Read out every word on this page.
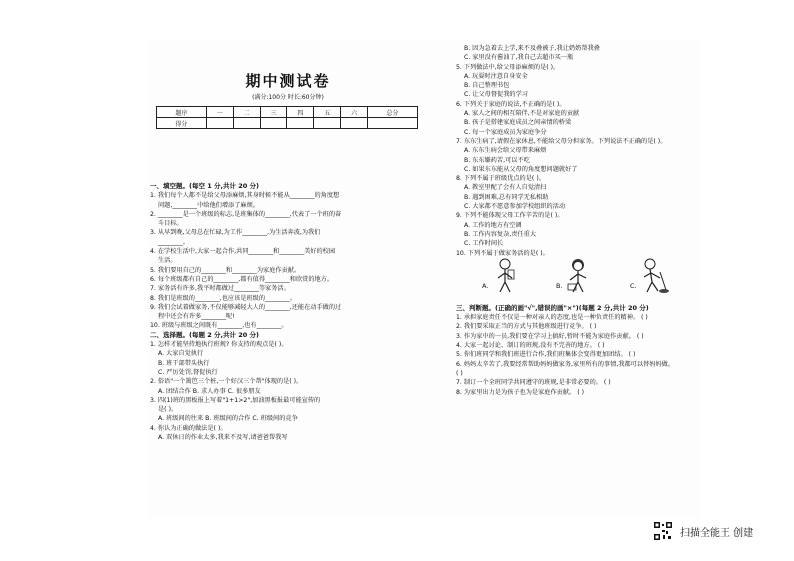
期中测试卷
(满分:100分 时长:60分钟)
题序	一	二	三	四	五	六	总分
得分							
一、填空题。(每空 1 分,共计 20 分)
1. 我们每个人都不是给父母添麻烦,其身时候不能从________的角度想
问题,________中给他们增添了麻烦。
2. ________是一个班级的标志,是班集体的________,代表了一个班的奋
斗目标。
3. 从早到晚,父母总在忙碌,为工作________,为生活奔波,为我们
________。
4. 在学校生活中,大家一起合作,共同________和________美好的校园
生活。
5. 我们要用自己的________和________为家庭作贡献。
6. 每个班级都有自己的________,都有值得________和欣赏的地方。
7. 家务活有许多,我平时都做过________等家务活。
8. 我们是班级的________,也应该是班级的________。
9. 我们会试着做家务,不仅能够减轻大人的________,还能在动手做的过
程中还会有许多________呢!
10. 班级与班级之间既有________,也有________。
二、选择题。(每题 2 分,共计 20 分)
1. 怎样才能坚持地执行班规? 你支持的观点是( )。
A. 大家自觉执行
B. 班干部带头执行
C. 严厉处罚,督促执行
2. 俗语"一个篱笆三个桩,一个好汉三个帮"体现的是( )。
A. 团结合作 B. 求人办事 C. 很多朋友
3. 四(1)班的黑板报上写着"1+1>2",加油黑板报最可能宣传的
是( )。
A. 班级间的往来 B. 班级间的合作 C. 班级间的竞争
4. 你认为正确的做法是( )。
A. 双休日的作业太多,我来不及写,请爸爸帮我写
B. 因为急着去上学,来不及叠被子,我让奶奶帮我叠
C. 家里没有酱油了,我自己去超市买一瓶
5. 下列做法中,给父母添麻烦的是( )。
A. 玩耍时注意自身安全
B. 自己整理书包
C. 让父母督促我的学习
6. 下列关于家庭的说法,不正确的是( )。
A. 家人之间的相互陪伴,不是对家庭的贡献
B. 孩子是搭建家庭成员之间亲情的桥梁
C. 每一个家庭成员为家庭争分
7. 东东生病了,请假在家休息,不能给父母分担家务。下列说法不正确的是( )。
A. 东东生病会给父母带来麻烦
B. 东东嫌药苦,可以不吃
C. 如果东东能从父母的角度想问题就好了
8. 下列不属于班级优点的是( )。
A. 教室里配了会有人自觉清扫
B. 遇到困难,总有同学无私相助
C. 大家都不愿意参加学校组织的活动
9. 下列不能体现父母工作辛苦的是( )。
A. 工作的地方有空调
B. 工作内容复杂,责任重大
C. 工作时间长
10. 下列不属于做家务活的是( )。
A.	B.	C.
三、判断题。(正确的画"√",错误的画"×")(每题 2 分,共计 20 分)
1. 承担家庭责任不仅是一种对亲人的态度,也是一种负责任的精神。 ( )
2. 我们要采取正当的方式与其他班级进行竞争。 ( )
3. 作为家中的一员,我们要在学习上搞好,暂时不能为家庭作贡献。 ( )
4. 大家一起讨论、制订的班规,没有不完善的地方。 ( )
5. 你们班同学和我们班进行合作,我们班集体会变得更加团结。 ( )
6. 妈妈太辛苦了,我要经常帮助妈妈做家务,家里所有的事情,我都可以替妈妈做。
( )
7. 制订一个全班同学共同遵守的班规,是非常必要的。 ( )
8. 为家里出力是为孩子也为是家庭作贡献。 ( )
扫描全能王 创建
